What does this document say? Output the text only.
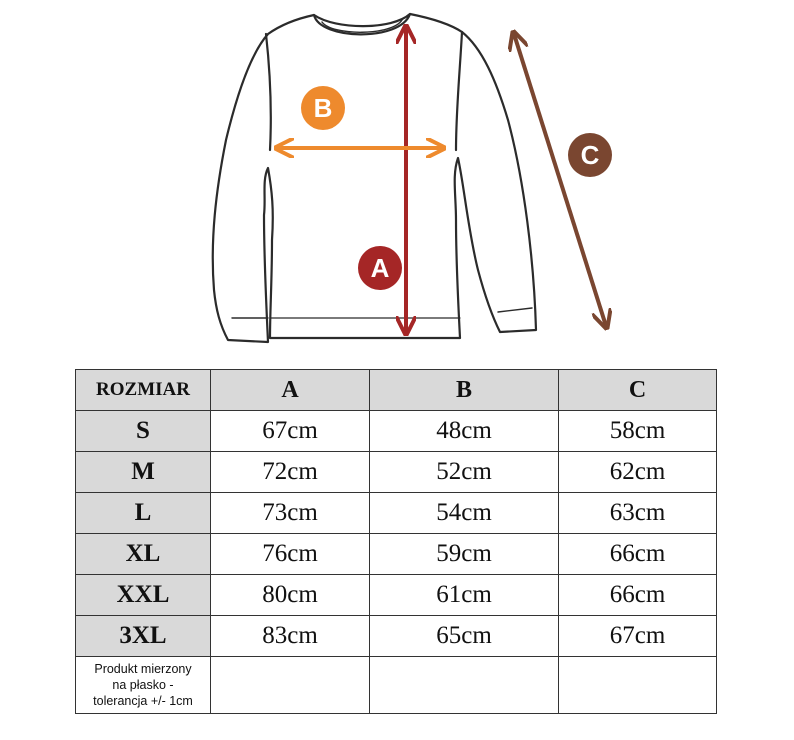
B
A
C
ROZMIAR	A	B	C
S	67cm	48cm	58cm
M	72cm	52cm	62cm
L	73cm	54cm	63cm
XL	76cm	59cm	66cm
XXL	80cm	61cm	66cm
3XL	83cm	65cm	67cm
Produkt mierzony
na płasko -
tolerancja +/- 1cm			
